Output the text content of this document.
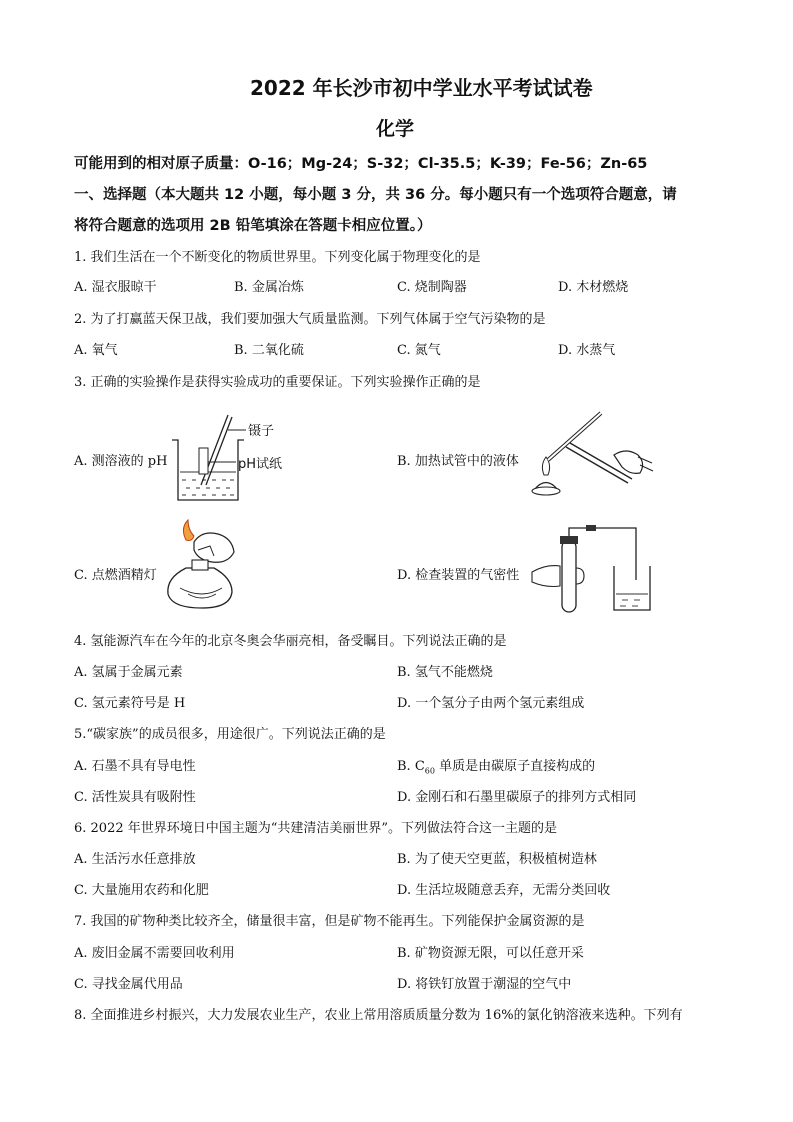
2022 年长沙市初中学业水平考试试卷
化学
可能用到的相对原子质量：O-16；Mg-24；S-32；Cl-35.5；K-39；Fe-56；Zn-65
一、选择题（本大题共 12 小题，每小题 3 分，共 36 分。每小题只有一个选项符合题意，请
将符合题意的选项用 2B 铅笔填涂在答题卡相应位置。）
1. 我们生活在一个不断变化的物质世界里。下列变化属于物理变化的是
A. 湿衣服晾干	B. 金属冶炼	C. 烧制陶器	D. 木材燃烧
2. 为了打赢蓝天保卫战，我们要加强大气质量监测。下列气体属于空气污染物的是
A. 氧气	B. 二氧化硫	C. 氮气	D. 水蒸气
3. 正确的实验操作是获得实验成功的重要保证。下列实验操作正确的是
A. 测溶液的 pH	B. 加热试管中的液体
C. 点燃酒精灯	D. 检查装置的气密性
镊子
pH试纸
4. 氢能源汽车在今年的北京冬奥会华丽亮相，备受瞩目。下列说法正确的是
A. 氢属于金属元素	B. 氢气不能燃烧
C. 氢元素符号是 H	D. 一个氢分子由两个氢元素组成
5.“碳家族”的成员很多，用途很广。下列说法正确的是
A. 石墨不具有导电性	B. $C_{60}$ 单质是由碳原子直接构成的
C. 活性炭具有吸附性	D. 金刚石和石墨里碳原子的排列方式相同
6. 2022 年世界环境日中国主题为“共建清洁美丽世界”。下列做法符合这一主题的是
A. 生活污水任意排放	B. 为了使天空更蓝，积极植树造林
C. 大量施用农药和化肥	D. 生活垃圾随意丢弃，无需分类回收
7. 我国的矿物种类比较齐全，储量很丰富，但是矿物不能再生。下列能保护金属资源的是
A. 废旧金属不需要回收利用	B. 矿物资源无限，可以任意开采
C. 寻找金属代用品	D. 将铁钉放置于潮湿的空气中
8. 全面推进乡村振兴，大力发展农业生产，农业上常用溶质质量分数为 16%的氯化钠溶液来选种。下列有
